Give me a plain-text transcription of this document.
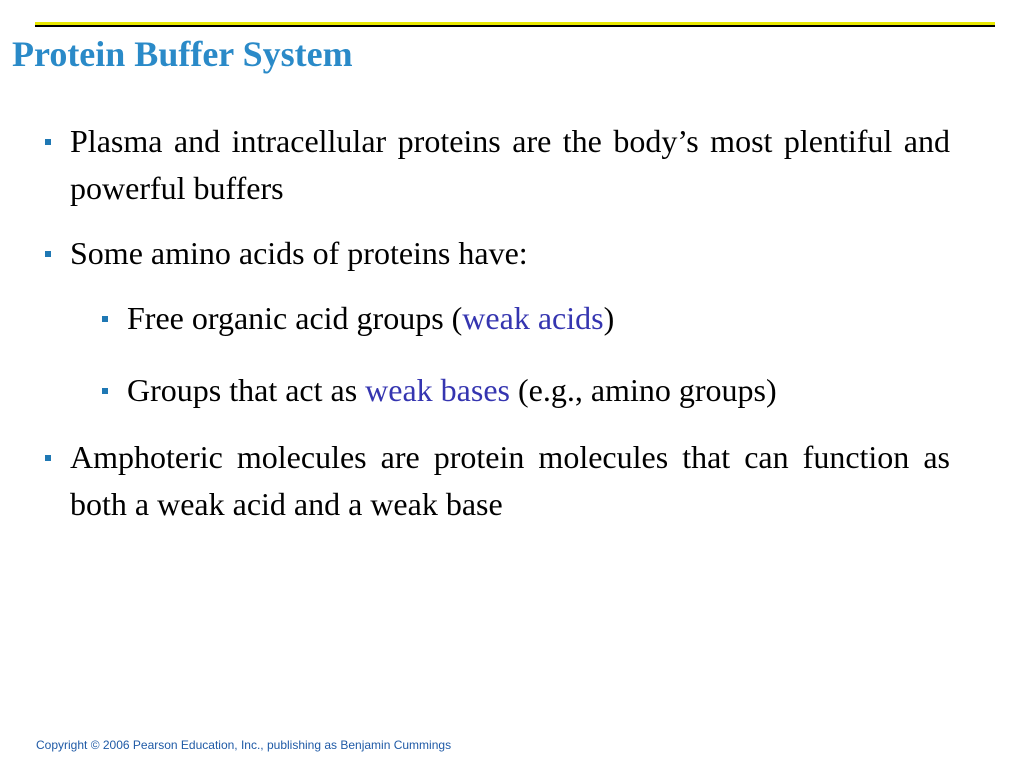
Protein Buffer System
Plasma and intracellular proteins are the body’s most plentiful and powerful buffers
Some amino acids of proteins have:
Free organic acid groups (weak acids)
Groups that act as weak bases (e.g., amino groups)
Amphoteric molecules are protein molecules that can function as both a weak acid and a weak base
Copyright © 2006 Pearson Education, Inc., publishing as Benjamin Cummings
